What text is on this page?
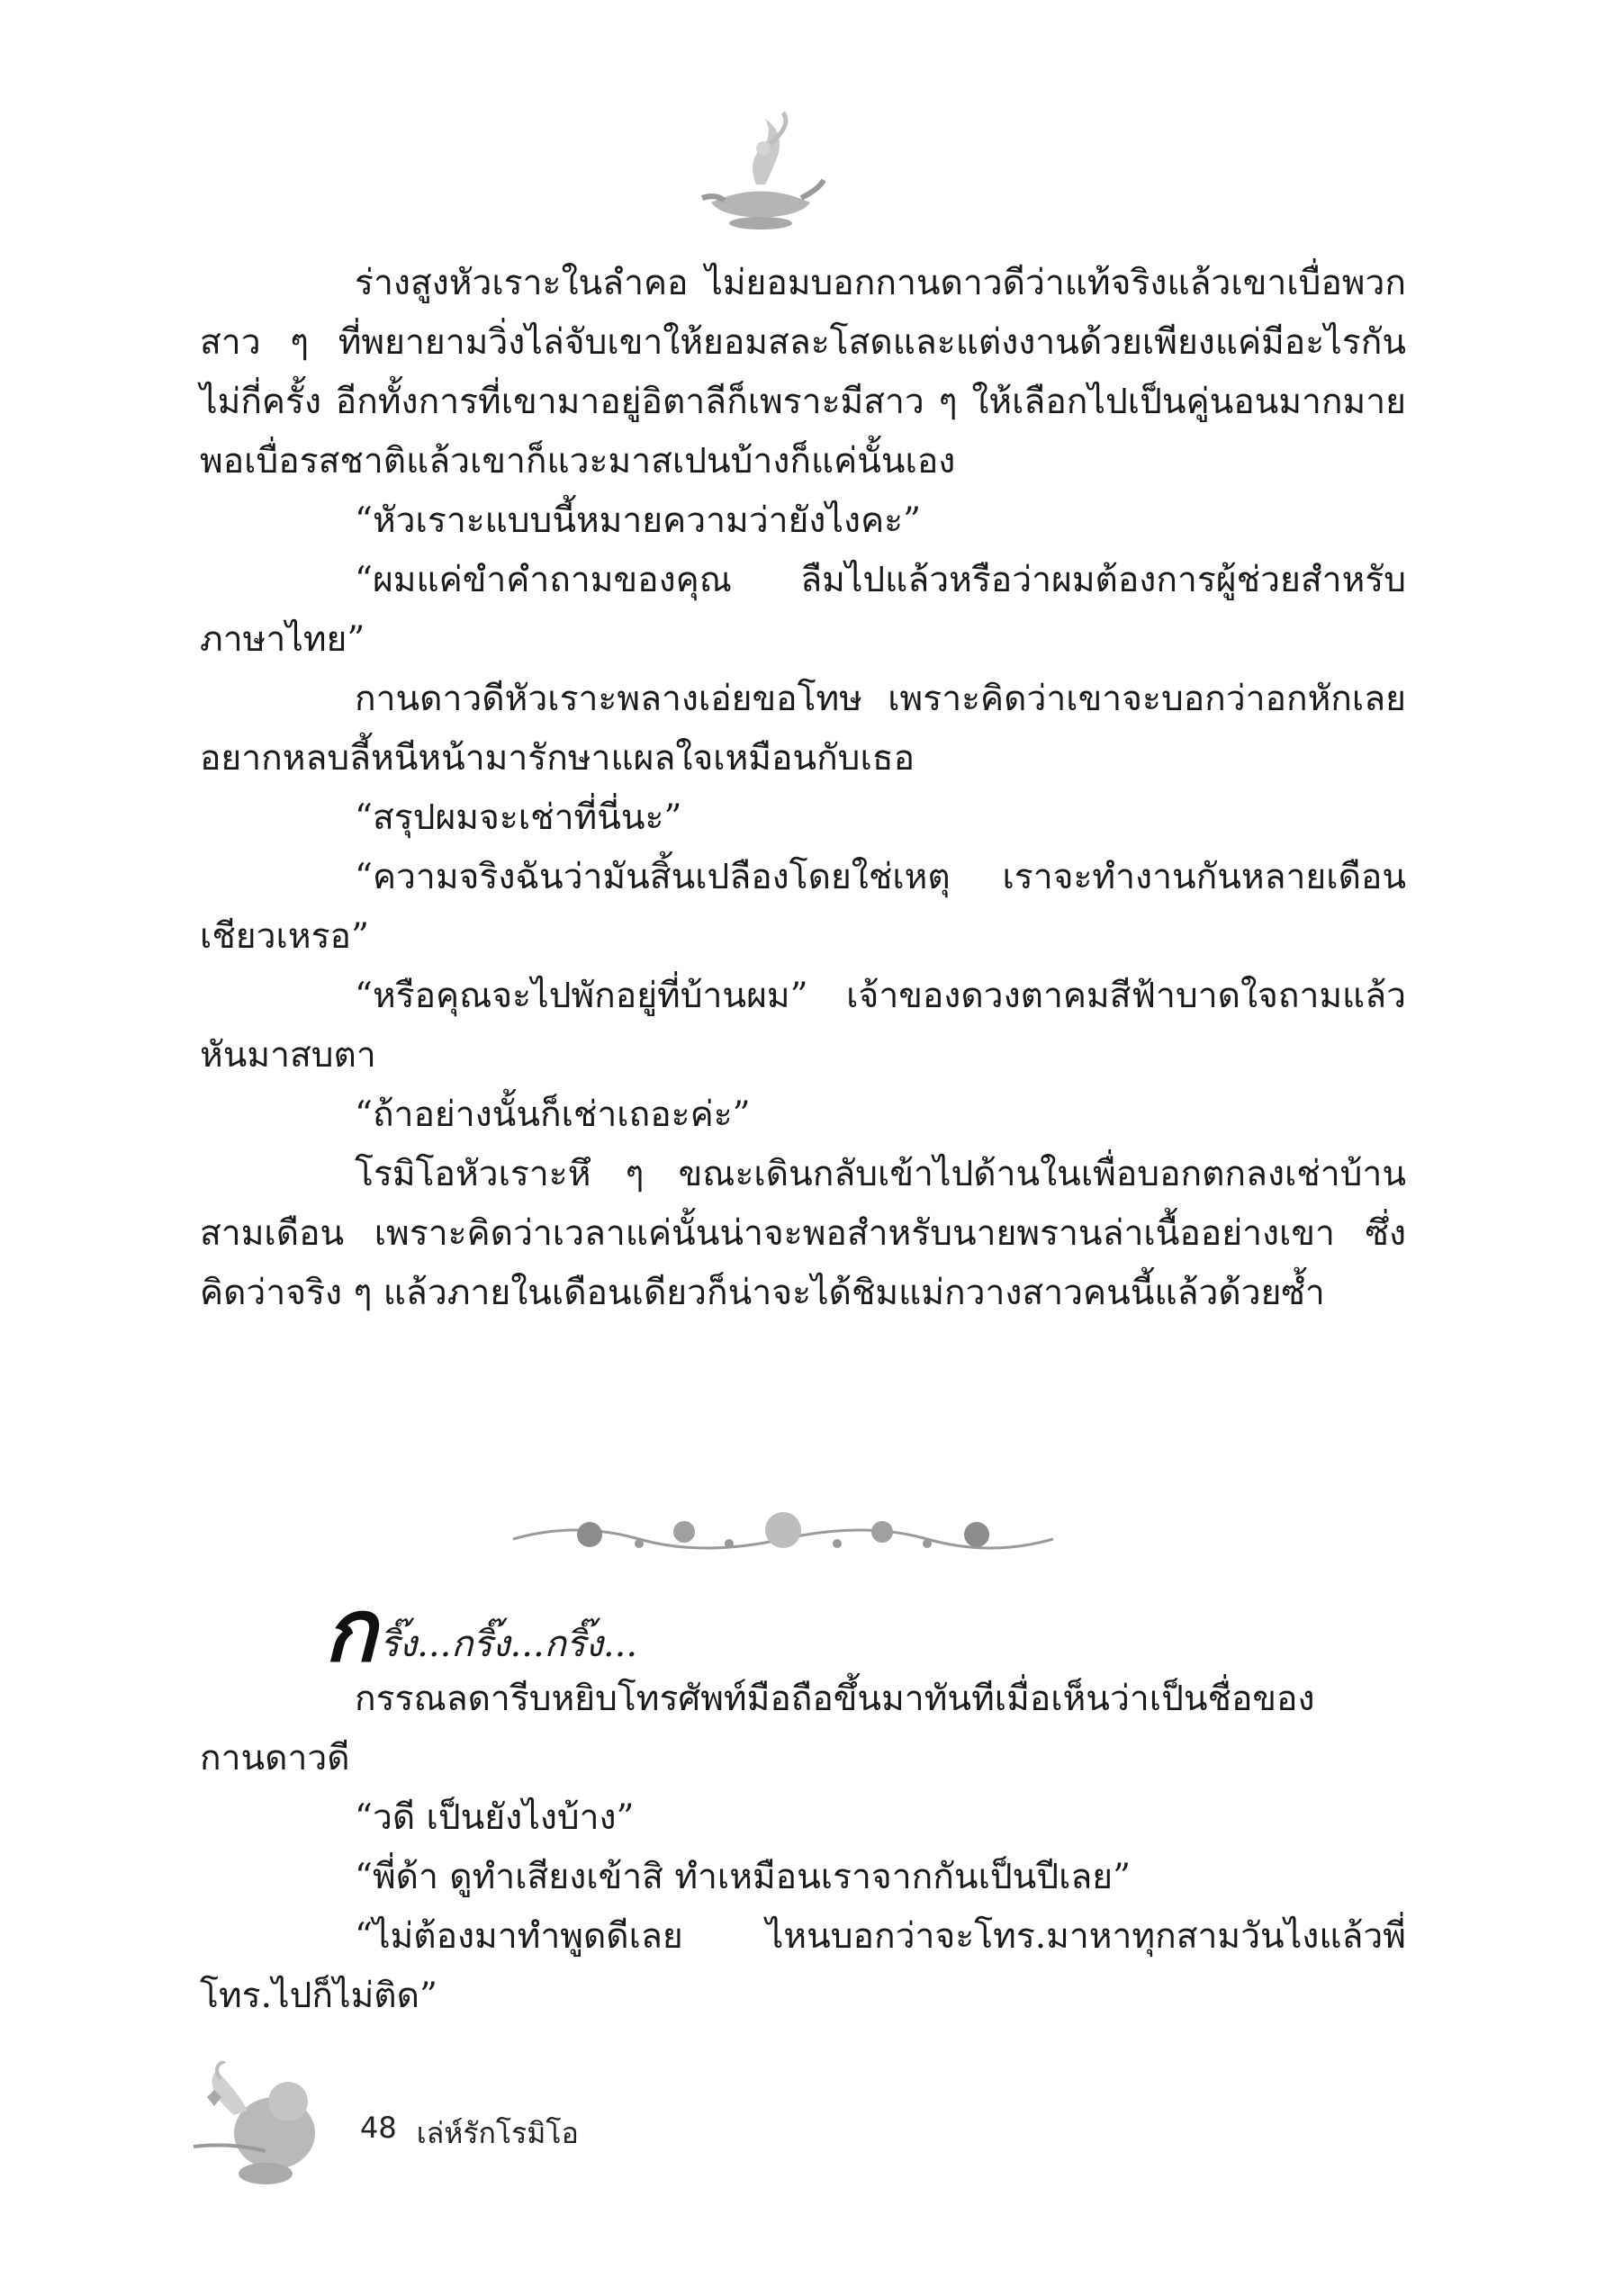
ร่างสูงหัวเราะในลำคอ ไม่ยอมบอกกานดาวดีว่าแท้จริงแล้วเขาเบื่อพวกสาว ๆ ที่พยายามวิ่งไล่จับเขาให้ยอมสละโสดและแต่งงานด้วยเพียงแค่มีอะไรกันไม่กี่ครั้ง อีกทั้งการที่เขามาอยู่อิตาลีก็เพราะมีสาว ๆ ให้เลือกไปเป็นคู่นอนมากมาย พอเบื่อรสชาติแล้วเขาก็แวะมาสเปนบ้างก็แค่นั้นเอง

“หัวเราะแบบนี้หมายความว่ายังไงคะ”

“ผมแค่ขำคำถามของคุณ ลืมไปแล้วหรือว่าผมต้องการผู้ช่วยสำหรับภาษาไทย”

กานดาวดีหัวเราะพลางเอ่ยขอโทษ เพราะคิดว่าเขาจะบอกว่าอกหักเลยอยากหลบลี้หนีหน้ามารักษาแผลใจเหมือนกับเธอ

“สรุปผมจะเช่าที่นี่นะ”

“ความจริงฉันว่ามันสิ้นเปลืองโดยใช่เหตุ เราจะทำงานกันหลายเดือนเชียวเหรอ”

“หรือคุณจะไปพักอยู่ที่บ้านผม” เจ้าของดวงตาคมสีฟ้าบาดใจถามแล้วหันมาสบตา

“ถ้าอย่างนั้นก็เช่าเถอะค่ะ”

โรมิโอหัวเราะหึ ๆ ขณะเดินกลับเข้าไปด้านในเพื่อบอกตกลงเช่าบ้านสามเดือน เพราะคิดว่าเวลาแค่นั้นน่าจะพอสำหรับนายพรานล่าเนื้ออย่างเขา ซึ่งคิดว่าจริง ๆ แล้วภายในเดือนเดียวก็น่าจะได้ชิมแม่กวางสาวคนนี้แล้วด้วยซ้ำ

ก ริ๊ง...กริ๊ง...กริ๊ง...

กรรณลดารีบหยิบโทรศัพท์มือถือขึ้นมาทันทีเมื่อเห็นว่าเป็นชื่อของกานดาวดี

“วดี เป็นยังไงบ้าง”

“พี่ด้า ดูทำเสียงเข้าสิ ทำเหมือนเราจากกันเป็นปีเลย”

“ไม่ต้องมาทำพูดดีเลย ไหนบอกว่าจะโทร.มาหาทุกสามวันไงแล้วพี่โทร.ไปก็ไม่ติด”

48 เล่ห์รักโรมิโอ
